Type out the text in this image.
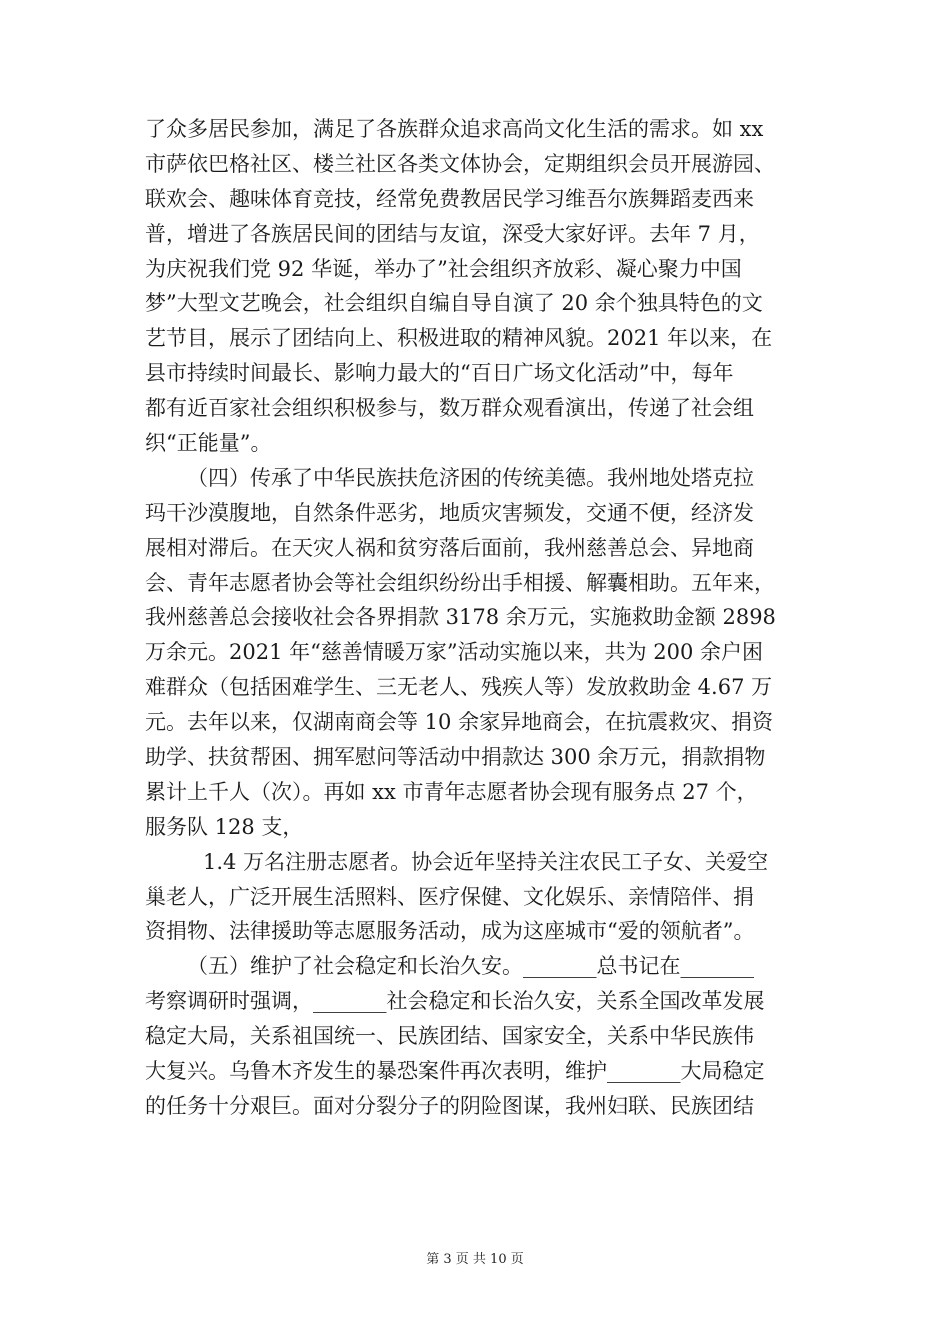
了众多居民参加，满足了各族群众追求高尚文化生活的需求。如 xx
市萨依巴格社区、楼兰社区各类文体协会，定期组织会员开展游园、
联欢会、趣味体育竞技，经常免费教居民学习维吾尔族舞蹈麦西来
普，增进了各族居民间的团结与友谊，深受大家好评。去年 7 月，
为庆祝我们党 92 华诞，举办了”社会组织齐放彩、凝心聚力中国
梦”大型文艺晚会，社会组织自编自导自演了 20 余个独具特色的文
艺节目，展示了团结向上、积极进取的精神风貌。2021 年以来，在
县市持续时间最长、影响力最大的“百日广场文化活动”中，每年
都有近百家社会组织积极参与，数万群众观看演出，传递了社会组
织“正能量”。
（四）传承了中华民族扶危济困的传统美德。我州地处塔克拉
玛干沙漠腹地，自然条件恶劣，地质灾害频发，交通不便，经济发
展相对滞后。在天灾人祸和贫穷落后面前，我州慈善总会、异地商
会、青年志愿者协会等社会组织纷纷出手相援、解囊相助。五年来，
我州慈善总会接收社会各界捐款 3178 余万元，实施救助金额 2898
万余元。2021 年“慈善情暖万家”活动实施以来，共为 200 余户困
难群众（包括困难学生、三无老人、残疾人等）发放救助金 4.67 万
元。去年以来，仅湖南商会等 10 余家异地商会，在抗震救灾、捐资
助学、扶贫帮困、拥军慰问等活动中捐款达 300 余万元，捐款捐物
累计上千人（次）。再如 xx 市青年志愿者协会现有服务点 27 个，
服务队 128 支，
1.4 万名注册志愿者。协会近年坚持关注农民工子女、关爱空
巢老人，广泛开展生活照料、医疗保健、文化娱乐、亲情陪伴、捐
资捐物、法律援助等志愿服务活动，成为这座城市“爱的领航者”。
（五）维护了社会稳定和长治久安。_______总书记在_______
考察调研时强调，_______社会稳定和长治久安，关系全国改革发展
稳定大局，关系祖国统一、民族团结、国家安全，关系中华民族伟
大复兴。乌鲁木齐发生的暴恐案件再次表明，维护_______大局稳定
的任务十分艰巨。面对分裂分子的阴险图谋，我州妇联、民族团结
第 3 页 共 10 页
